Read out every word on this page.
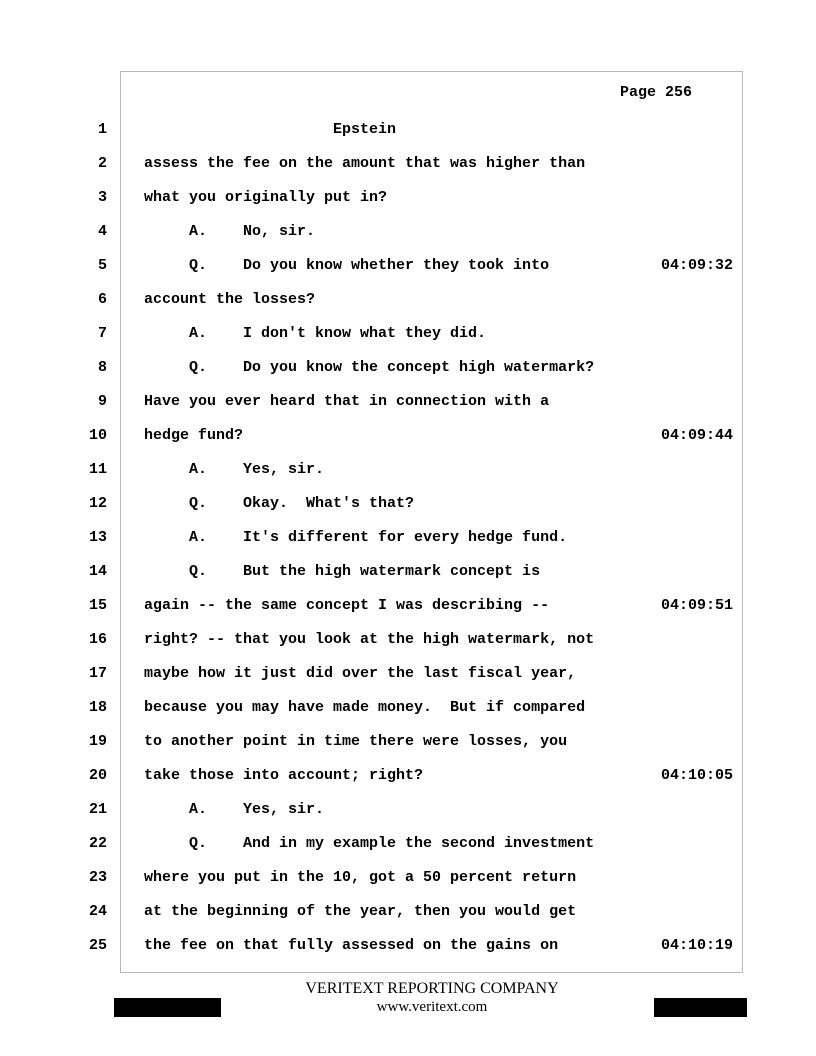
Page 256
1 Epstein
2 assess the fee on the amount that was higher than
3 what you originally put in?
4 A.    No, sir.
5 Q.    Do you know whether they took into	04:09:32
6 account the losses?
7 A.    I don't know what they did.
8 Q.    Do you know the concept high watermark?
9 Have you ever heard that in connection with a
10 hedge fund?	04:09:44
11 A.    Yes, sir.
12 Q.    Okay.  What's that?
13 A.    It's different for every hedge fund.
14 Q.    But the high watermark concept is
15 again -- the same concept I was describing --	04:09:51
16 right? -- that you look at the high watermark, not
17 maybe how it just did over the last fiscal year,
18 because you may have made money.  But if compared
19 to another point in time there were losses, you
20 take those into account; right?	04:10:05
21 A.    Yes, sir.
22 Q.    And in my example the second investment
23 where you put in the 10, got a 50 percent return
24 at the beginning of the year, then you would get
25 the fee on that fully assessed on the gains on	04:10:19
VERITEXT REPORTING COMPANY
www.veritext.com
